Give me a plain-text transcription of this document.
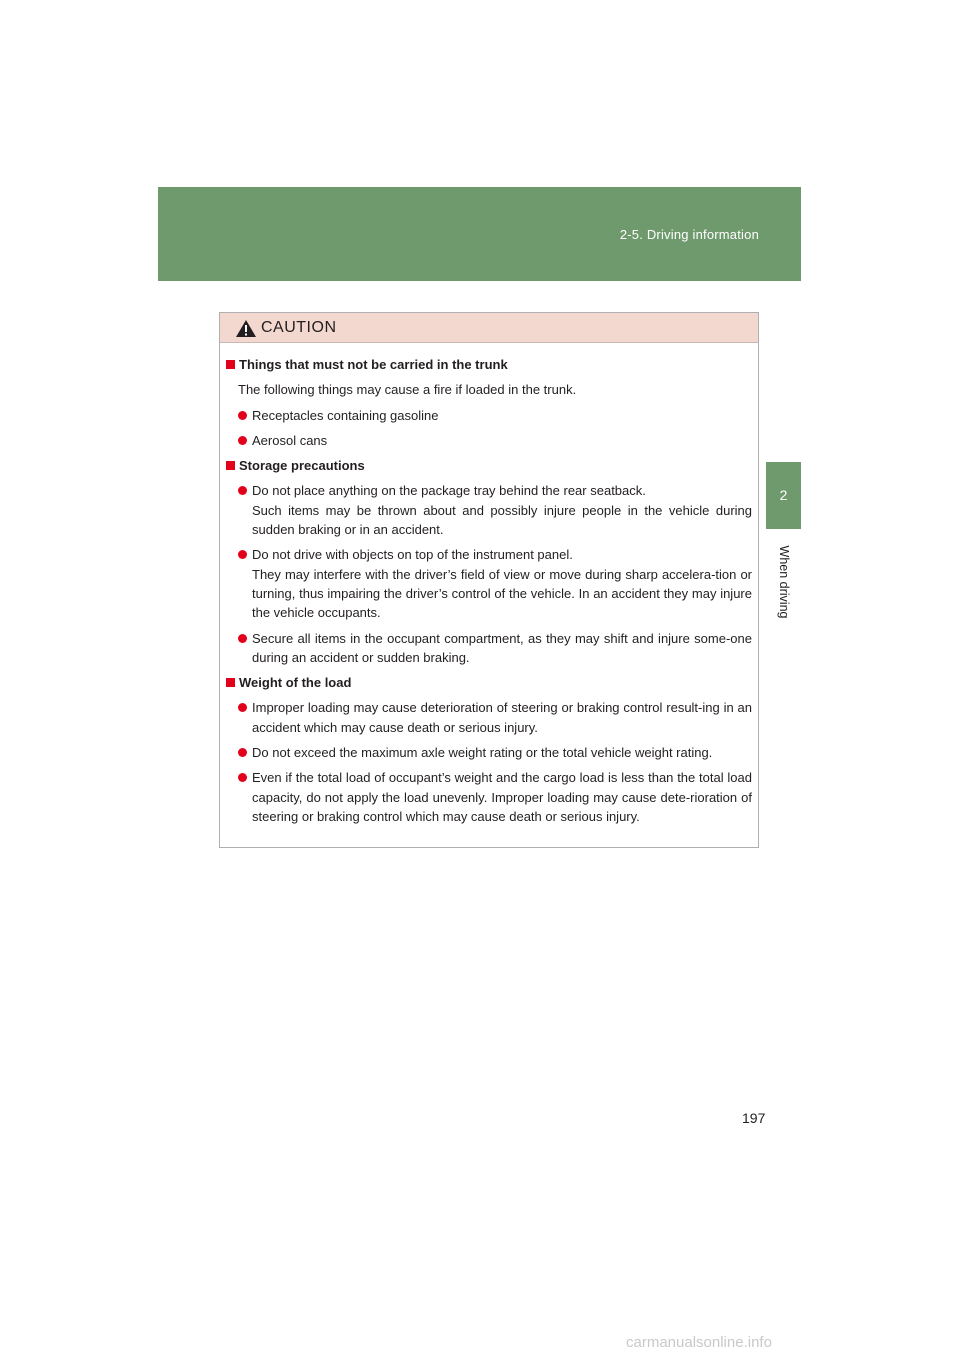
2-5. Driving information
2
When driving
CAUTION
Things that must not be carried in the trunk
The following things may cause a fire if loaded in the trunk.
Receptacles containing gasoline
Aerosol cans
Storage precautions
Do not place anything on the package tray behind the rear seatback.
Such items may be thrown about and possibly injure people in the vehicle during sudden braking or in an accident.
Do not drive with objects on top of the instrument panel.
They may interfere with the driver’s field of view or move during sharp accelera-tion or turning, thus impairing the driver’s control of the vehicle. In an accident they may injure the vehicle occupants.
Secure all items in the occupant compartment, as they may shift and injure some-one during an accident or sudden braking.
Weight of the load
Improper loading may cause deterioration of steering or braking control result-ing in an accident which may cause death or serious injury.
Do not exceed the maximum axle weight rating or the total vehicle weight rating.
Even if the total load of occupant’s weight and the cargo load is less than the total load capacity, do not apply the load unevenly. Improper loading may cause dete-rioration of steering or braking control which may cause death or serious injury.
197
carmanualsonline.info
